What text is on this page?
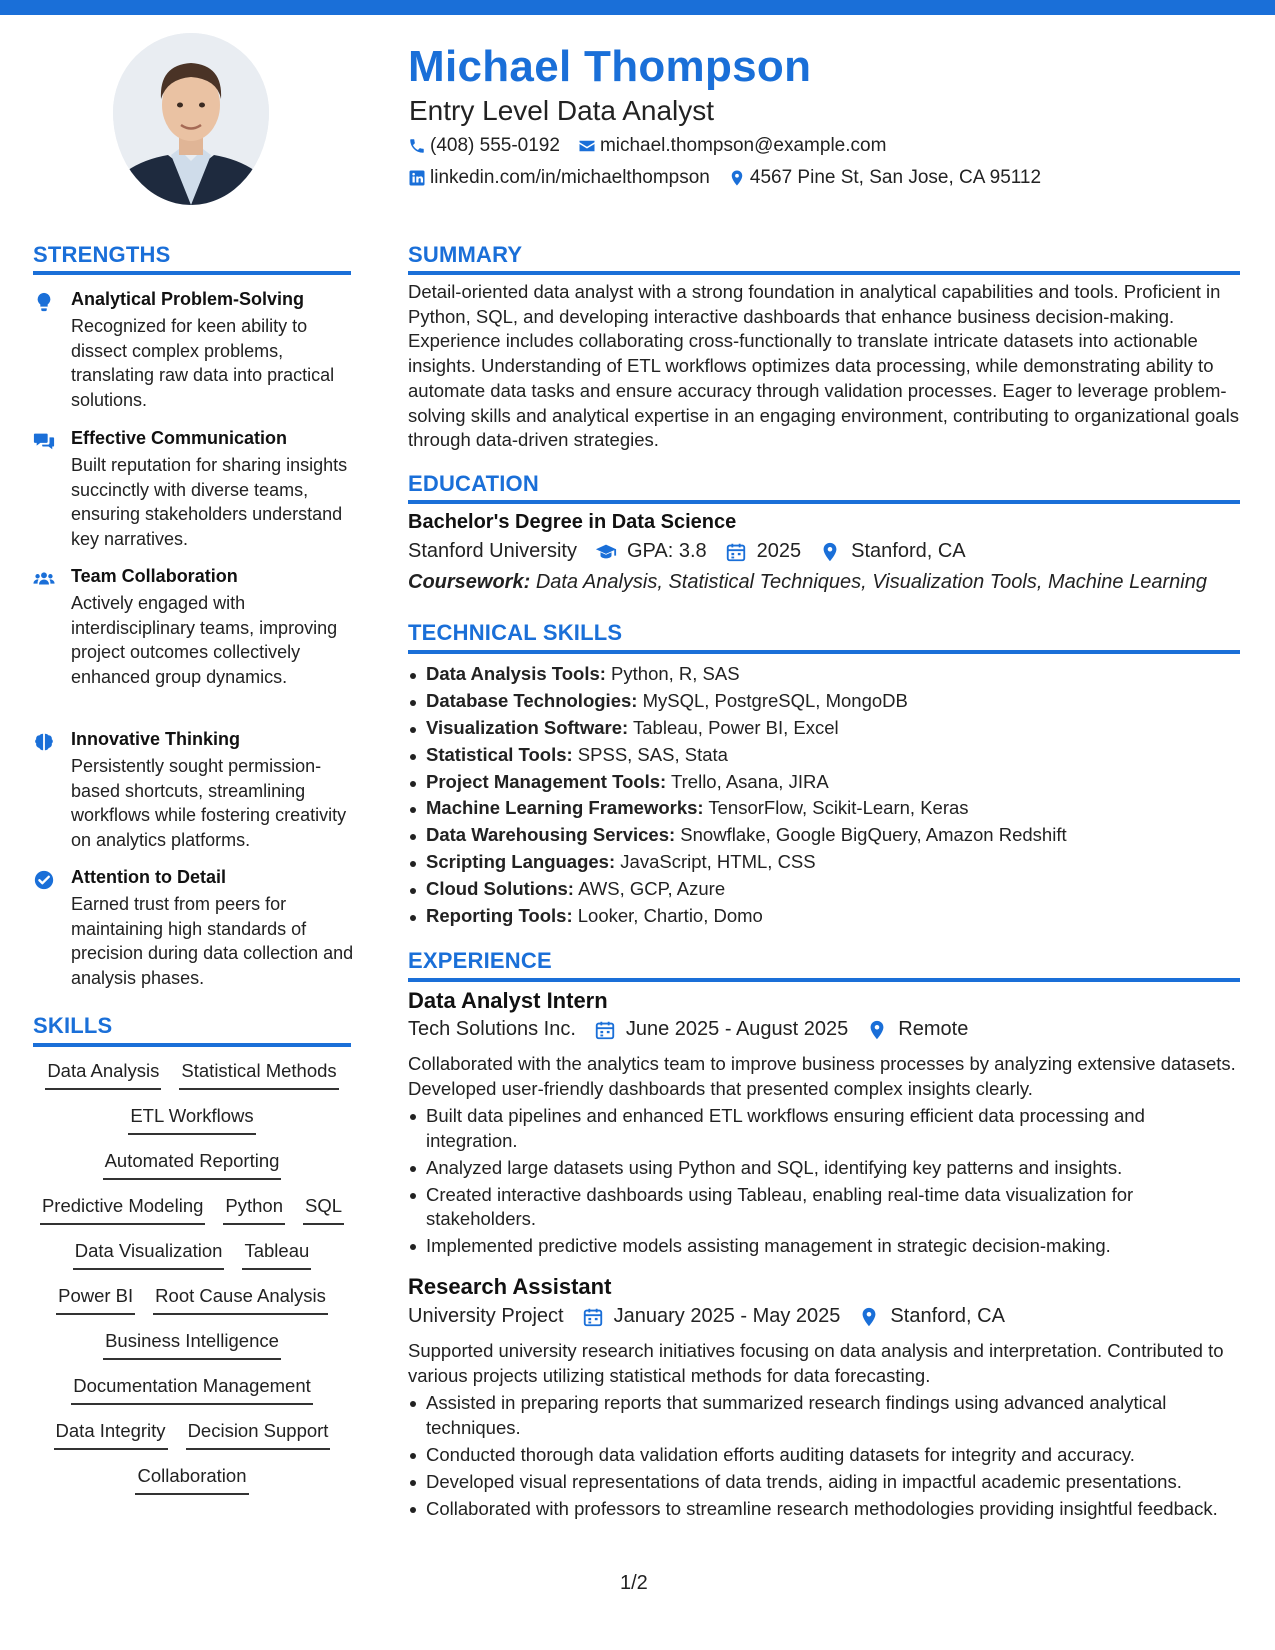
Michael Thompson
Entry Level Data Analyst
(408) 555-0192 michael.thompson@example.com
linkedin.com/in/michaelthompson 4567 Pine St, San Jose, CA 95112
STRENGTHS
Analytical Problem-Solving
Recognized for keen ability to dissect complex problems, translating raw data into practical solutions.
Effective Communication
Built reputation for sharing insights succinctly with diverse teams, ensuring stakeholders understand key narratives.
Team Collaboration
Actively engaged with interdisciplinary teams, improving project outcomes collectively enhanced group dynamics.
Innovative Thinking
Persistently sought permission-based shortcuts, streamlining workflows while fostering creativity on analytics platforms.
Attention to Detail
Earned trust from peers for maintaining high standards of precision during data collection and analysis phases.
SKILLS
Data Analysis Statistical Methods
ETL Workflows
Automated Reporting
Predictive Modeling Python SQL
Data Visualization Tableau
Power BI Root Cause Analysis
Business Intelligence
Documentation Management
Data Integrity Decision Support
Collaboration
SUMMARY
Detail-oriented data analyst with a strong foundation in analytical capabilities and tools. Proficient in Python, SQL, and developing interactive dashboards that enhance business decision-making. Experience includes collaborating cross-functionally to translate intricate datasets into actionable insights. Understanding of ETL workflows optimizes data processing, while demonstrating ability to automate data tasks and ensure accuracy through validation processes. Eager to leverage problem-solving skills and analytical expertise in an engaging environment, contributing to organizational goals through data-driven strategies.
EDUCATION
Bachelor's Degree in Data Science
Stanford University	GPA: 3.8	2025	Stanford, CA
Coursework: Data Analysis, Statistical Techniques, Visualization Tools, Machine Learning
TECHNICAL SKILLS
Data Analysis Tools: Python, R, SAS
Database Technologies: MySQL, PostgreSQL, MongoDB
Visualization Software: Tableau, Power BI, Excel
Statistical Tools: SPSS, SAS, Stata
Project Management Tools: Trello, Asana, JIRA
Machine Learning Frameworks: TensorFlow, Scikit-Learn, Keras
Data Warehousing Services: Snowflake, Google BigQuery, Amazon Redshift
Scripting Languages: JavaScript, HTML, CSS
Cloud Solutions: AWS, GCP, Azure
Reporting Tools: Looker, Chartio, Domo
EXPERIENCE
Data Analyst Intern
Tech Solutions Inc.	June 2025 - August 2025	Remote
Collaborated with the analytics team to improve business processes by analyzing extensive datasets. Developed user-friendly dashboards that presented complex insights clearly.
Built data pipelines and enhanced ETL workflows ensuring efficient data processing and integration.
Analyzed large datasets using Python and SQL, identifying key patterns and insights.
Created interactive dashboards using Tableau, enabling real-time data visualization for stakeholders.
Implemented predictive models assisting management in strategic decision-making.
Research Assistant
University Project	January 2025 - May 2025	Stanford, CA
Supported university research initiatives focusing on data analysis and interpretation. Contributed to various projects utilizing statistical methods for data forecasting.
Assisted in preparing reports that summarized research findings using advanced analytical techniques.
Conducted thorough data validation efforts auditing datasets for integrity and accuracy.
Developed visual representations of data trends, aiding in impactful academic presentations.
Collaborated with professors to streamline research methodologies providing insightful feedback.
1/2
